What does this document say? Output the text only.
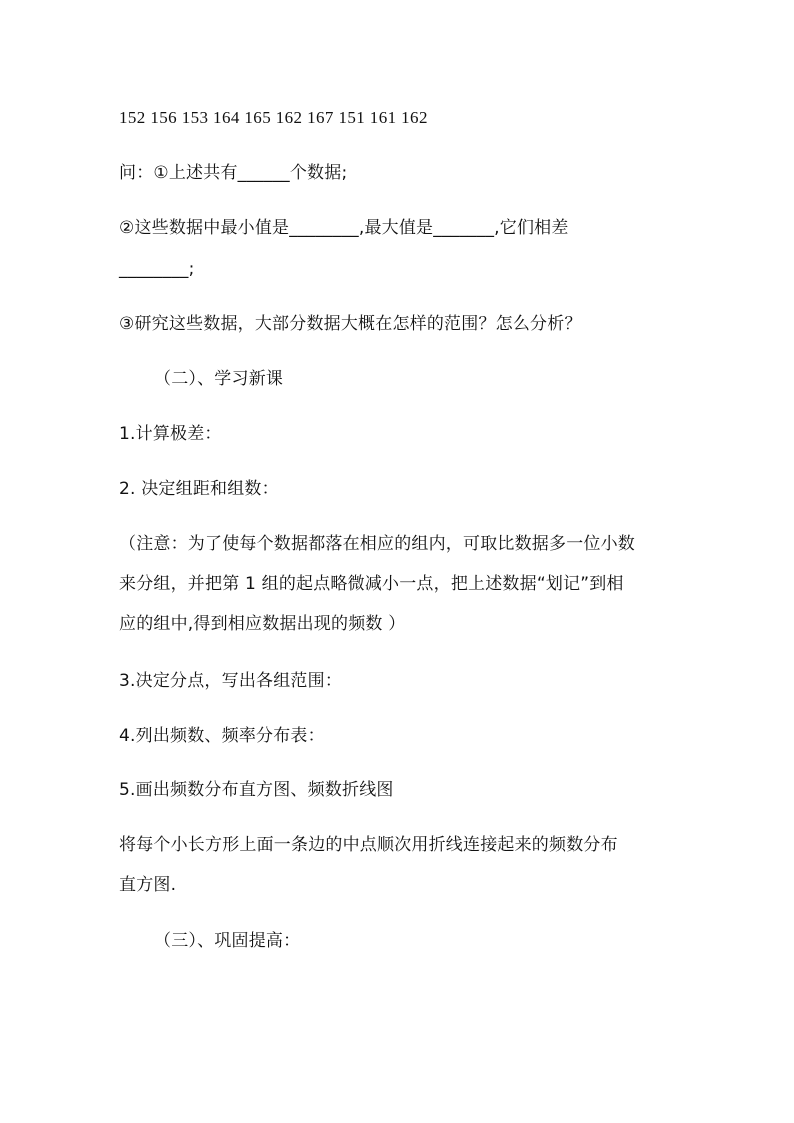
152 156 153 164 165 162 167 151 161 162
问：①上述共有______个数据;
②这些数据中最小值是________,最大值是_______,它们相差
________;
③研究这些数据，大部分数据大概在怎样的范围？怎么分析？
（二）、学习新课
1.计算极差：
2. 决定组距和组数：
（注意：为了使每个数据都落在相应的组内，可取比数据多一位小数
来分组，并把第 1 组的起点略微减小一点，把上述数据“划记”到相
应的组中,得到相应数据出现的频数 ）
3.决定分点，写出各组范围：
4.列出频数、频率分布表：
5.画出频数分布直方图、频数折线图
将每个小长方形上面一条边的中点顺次用折线连接起来的频数分布
直方图.
（三）、巩固提高：
